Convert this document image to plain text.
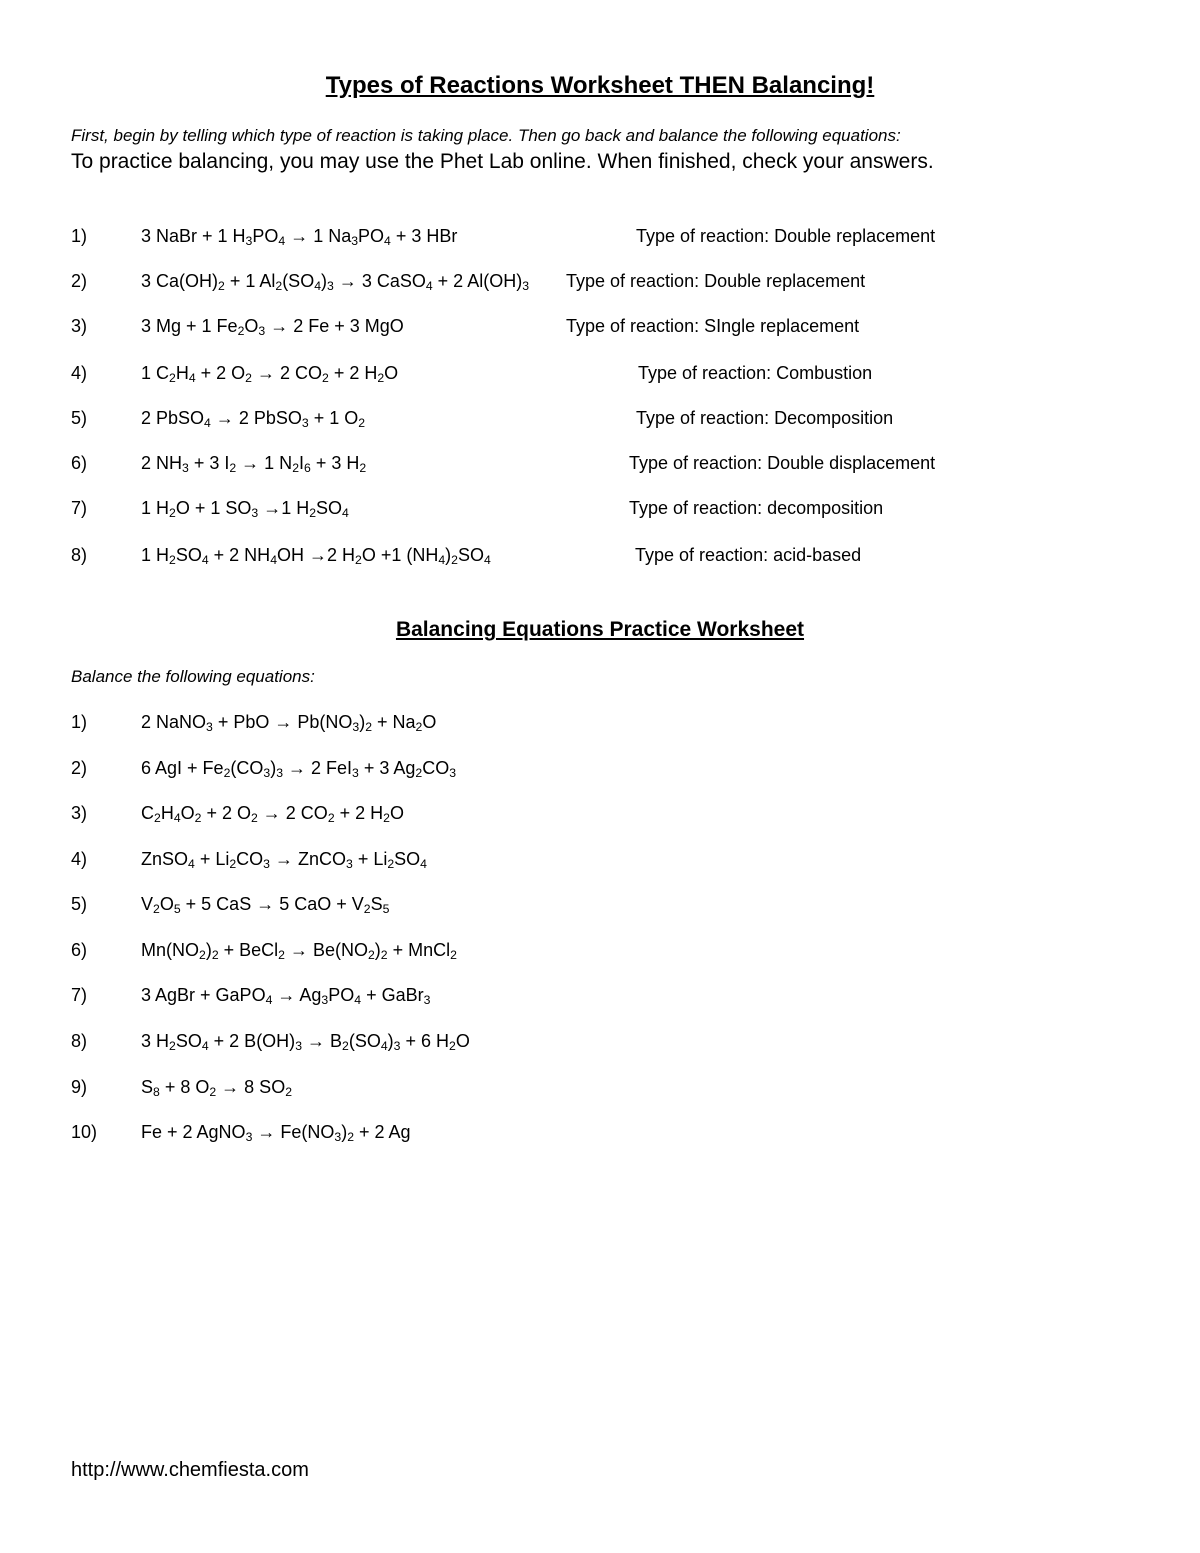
Types of Reactions Worksheet THEN Balancing!
First, begin by telling which type of reaction is taking place. Then go back and balance the following equations:
To practice balancing, you may use the Phet Lab online. When finished, check your answers.
1)	3 NaBr + 1 $H_3PO_4 \to 1$ $Na_3PO_4 + 3$ HBr	Type of reaction: Double replacement
2)	3 $Ca(OH)_2 + 1$ $Al_2(SO_4)_3 \to 3$ CaSO$_4$ + 2 $Al(OH)_3$ Type of reaction: Double replacement
3)	3 Mg + 1 $Fe_2O_3 \to 2$ Fe + 3 MgO	Type of reaction: SIngle replacement
4)	1 $C_2H_4 + 2$ $O_2 \to 2$ $CO_2 + 2$ $H_2O$	Type of reaction: Combustion
5)	2 PbSO$_4$ → 2 PbSO$_3$ + 1 $O_2$	Type of reaction: Decomposition
6)	2 $NH_3 + 3$ $I_2 \to 1$ $N_2I_6 + 3$ $H_2$	Type of reaction: Double displacement
7)	1 $H_2O + 1$ $SO_3 \to 1$ $H_2SO_4$	Type of reaction: decomposition
8)	1 $H_2SO_4 + 2$ $NH_4OH \to 2$ $H_2O +1$ $(NH_4)_2SO_4$	Type of reaction: acid-based
Balancing Equations Practice Worksheet
Balance the following equations:
1)	2 NaNO$_3$ + PbO → $Pb(NO_3)_2 + Na_2O$
2)	6 AgI + $Fe_2(CO_3)_3 \to 2$ FeI$_3$ + 3 $Ag_2CO_3$
3)	$C_2H_4O_2 + 2$ $O_2 \to 2$ $CO_2 + 2$ $H_2O$
4)	ZnSO$_4$ + $Li_2CO_3$ → ZnCO$_3$ + $Li_2SO_4$
5)	$V_2O_5 + 5$ CaS → 5 CaO + $V_2S_5$
6)	$Mn(NO_2)_2$ + BeCl$_2$ → $Be(NO_2)_2$ + MnCl$_2$
7)	3 AgBr + GaPO$_4$ → $Ag_3PO_4$ + GaBr$_3$
8)	3 $H_2SO_4 + 2$ $B(OH)_3 \to B_2(SO_4)_3 + 6$ $H_2O$
9)	$S_8 + 8$ $O_2 \to 8$ $SO_2$
10) Fe + 2 AgNO$_3$ → $Fe(NO_3)_2 + 2$ Ag
http://www.chemfiesta.com
